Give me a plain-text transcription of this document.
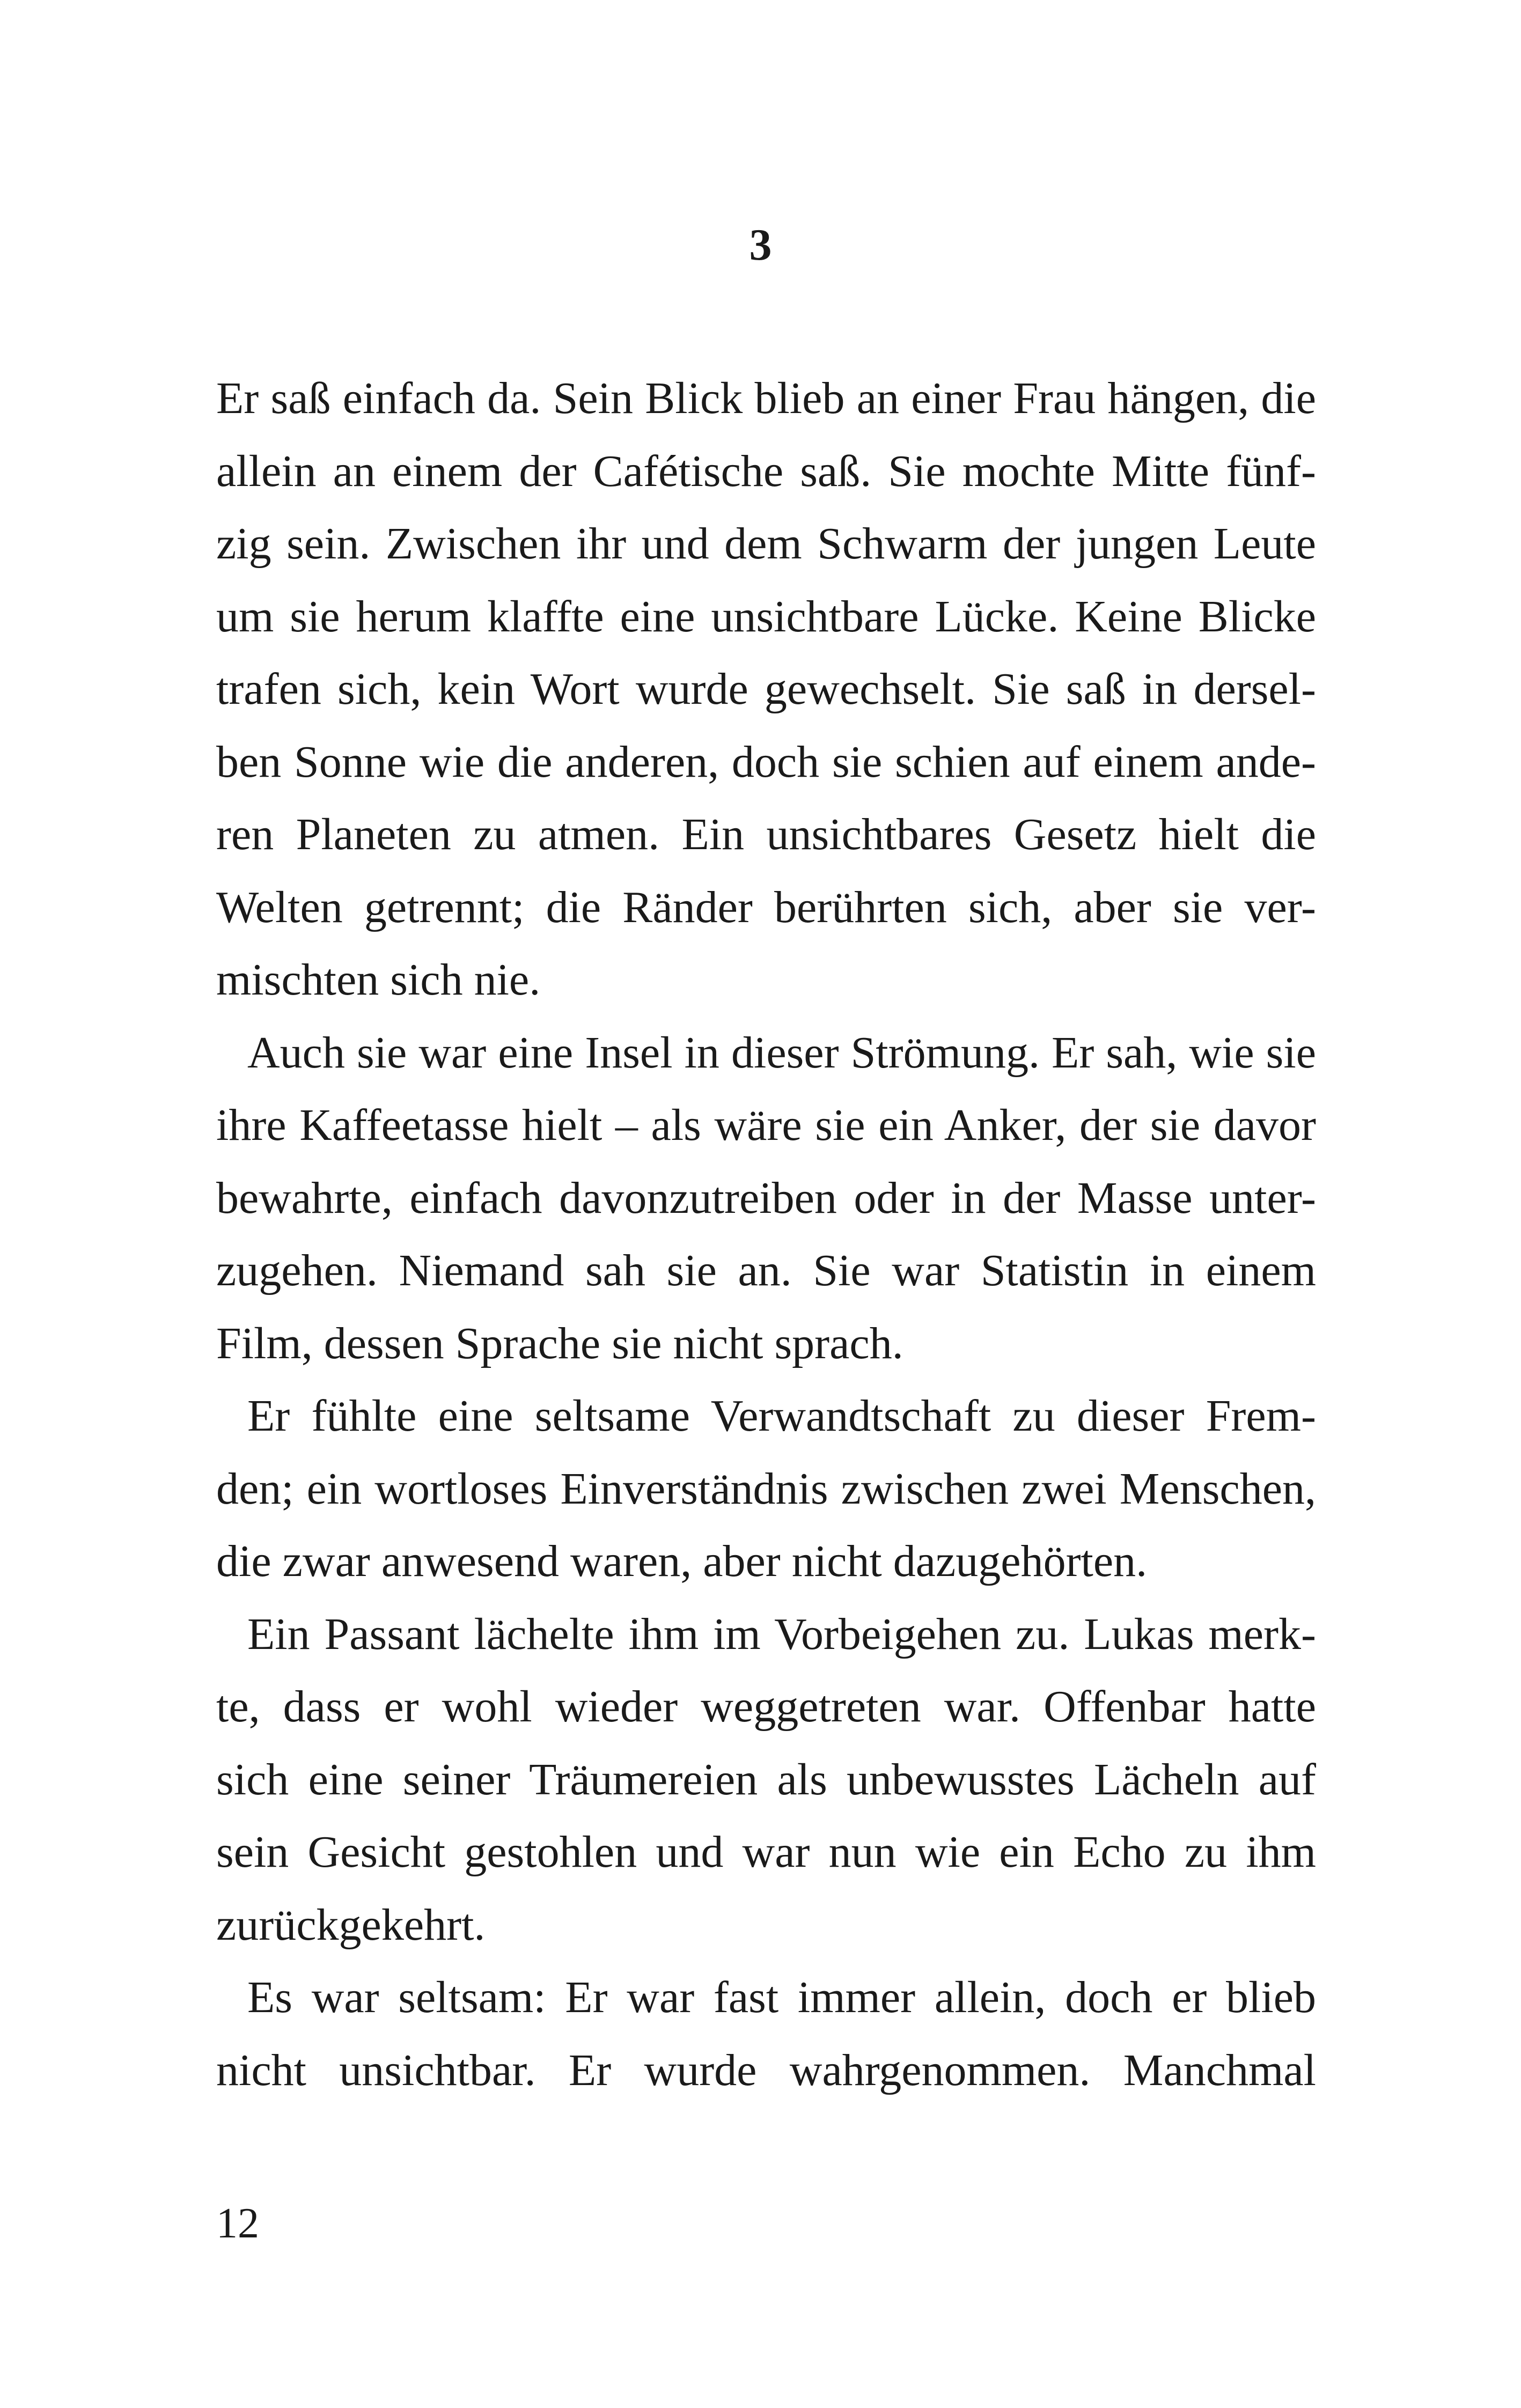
3
Er saß einfach da. Sein Blick blieb an einer Frau hängen, die
allein an einem der Cafétische saß. Sie mochte Mitte fünf-
zig sein. Zwischen ihr und dem Schwarm der jungen Leute
um sie herum klaffte eine unsichtbare Lücke. Keine Blicke
trafen sich, kein Wort wurde gewechselt. Sie saß in dersel-
ben Sonne wie die anderen, doch sie schien auf einem ande-
ren Planeten zu atmen. Ein unsichtbares Gesetz hielt die
Welten getrennt; die Ränder berührten sich, aber sie ver-
mischten sich nie.
Auch sie war eine Insel in dieser Strömung. Er sah, wie sie
ihre Kaffeetasse hielt – als wäre sie ein Anker, der sie davor
bewahrte, einfach davonzutreiben oder in der Masse unter-
zugehen. Niemand sah sie an. Sie war Statistin in einem
Film, dessen Sprache sie nicht sprach.
Er fühlte eine seltsame Verwandtschaft zu dieser Frem-
den; ein wortloses Einverständnis zwischen zwei Menschen,
die zwar anwesend waren, aber nicht dazugehörten.
Ein Passant lächelte ihm im Vorbeigehen zu. Lukas merk-
te, dass er wohl wieder weggetreten war. Offenbar hatte
sich eine seiner Träumereien als unbewusstes Lächeln auf
sein Gesicht gestohlen und war nun wie ein Echo zu ihm
zurückgekehrt.
Es war seltsam: Er war fast immer allein, doch er blieb
nicht unsichtbar. Er wurde wahrgenommen. Manchmal
12
